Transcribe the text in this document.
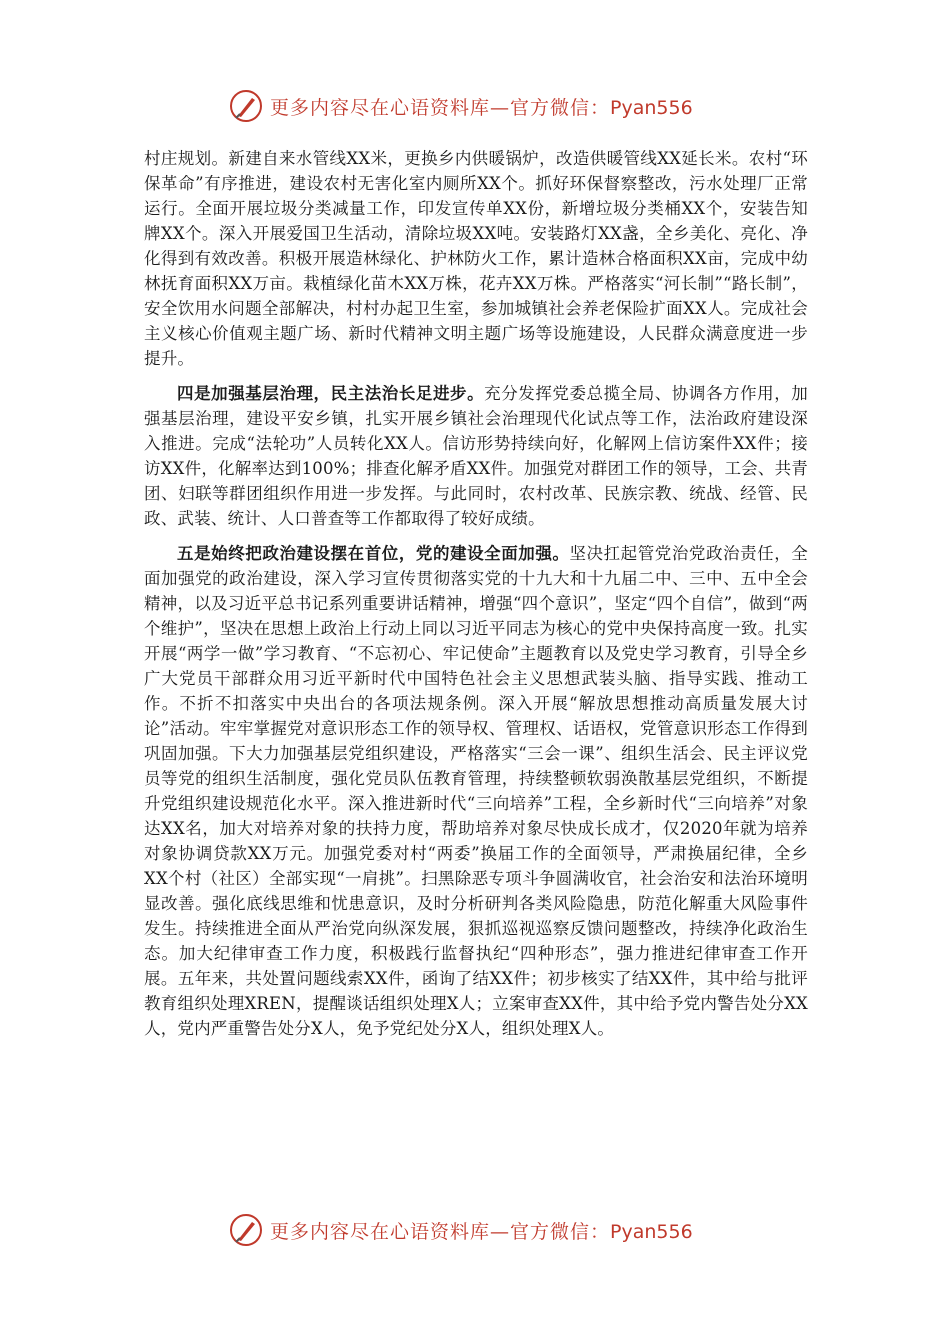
更多内容尽在心语资料库—官方微信：Pyan556

村庄规划。新建自来水管线XX米，更换乡内供暖锅炉，改造供暖管线XX延长米。农村“环保革命”有序推进，建设农村无害化室内厕所XX个。抓好环保督察整改，污水处理厂正常运行。全面开展垃圾分类减量工作，印发宣传单XX份，新增垃圾分类桶XX个，安装告知牌XX个。深入开展爱国卫生活动，清除垃圾XX吨。安装路灯XX盏，全乡美化、亮化、净化得到有效改善。积极开展造林绿化、护林防火工作，累计造林合格面积XX亩，完成中幼林抚育面积XX万亩。栽植绿化苗木XX万株，花卉XX万株。严格落实“河长制”“路长制”，安全饮用水问题全部解决，村村办起卫生室，参加城镇社会养老保险扩面XX人。完成社会主义核心价值观主题广场、新时代精神文明主题广场等设施建设，人民群众满意度进一步提升。

四是加强基层治理，民主法治长足进步。充分发挥党委总揽全局、协调各方作用，加强基层治理，建设平安乡镇，扎实开展乡镇社会治理现代化试点等工作，法治政府建设深入推进。完成“法轮功”人员转化XX人。信访形势持续向好，化解网上信访案件XX件；接访XX件，化解率达到100%；排查化解矛盾XX件。加强党对群团工作的领导，工会、共青团、妇联等群团组织作用进一步发挥。与此同时，农村改革、民族宗教、统战、经管、民政、武装、统计、人口普查等工作都取得了较好成绩。

五是始终把政治建设摆在首位，党的建设全面加强。坚决扛起管党治党政治责任，全面加强党的政治建设，深入学习宣传贯彻落实党的十九大和十九届二中、三中、五中全会精神，以及习近平总书记系列重要讲话精神，增强“四个意识”，坚定“四个自信”，做到“两个维护”，坚决在思想上政治上行动上同以习近平同志为核心的党中央保持高度一致。扎实开展“两学一做”学习教育、“不忘初心、牢记使命”主题教育以及党史学习教育，引导全乡广大党员干部群众用习近平新时代中国特色社会主义思想武装头脑、指导实践、推动工作。不折不扣落实中央出台的各项法规条例。深入开展“解放思想推动高质量发展大讨论”活动。牢牢掌握党对意识形态工作的领导权、管理权、话语权，党管意识形态工作得到巩固加强。下大力加强基层党组织建设，严格落实“三会一课”、组织生活会、民主评议党员等党的组织生活制度，强化党员队伍教育管理，持续整顿软弱涣散基层党组织，不断提升党组织建设规范化水平。深入推进新时代“三向培养”工程，全乡新时代“三向培养”对象达XX名，加大对培养对象的扶持力度，帮助培养对象尽快成长成才，仅2020年就为培养对象协调贷款XX万元。加强党委对村“两委”换届工作的全面领导，严肃换届纪律，全乡XX个村（社区）全部实现“一肩挑”。扫黑除恶专项斗争圆满收官，社会治安和法治环境明显改善。强化底线思维和忧患意识，及时分析研判各类风险隐患，防范化解重大风险事件发生。持续推进全面从严治党向纵深发展，狠抓巡视巡察反馈问题整改，持续净化政治生态。加大纪律审查工作力度，积极践行监督执纪“四种形态”，强力推进纪律审查工作开展。五年来，共处置问题线索XX件，函询了结XX件；初步核实了结XX件，其中给与批评教育组织处理XREN，提醒谈话组织处理X人；立案审查XX件，其中给予党内警告处分XX人，党内严重警告处分X人，免予党纪处分X人，组织处理X人。

更多内容尽在心语资料库—官方微信：Pyan556
